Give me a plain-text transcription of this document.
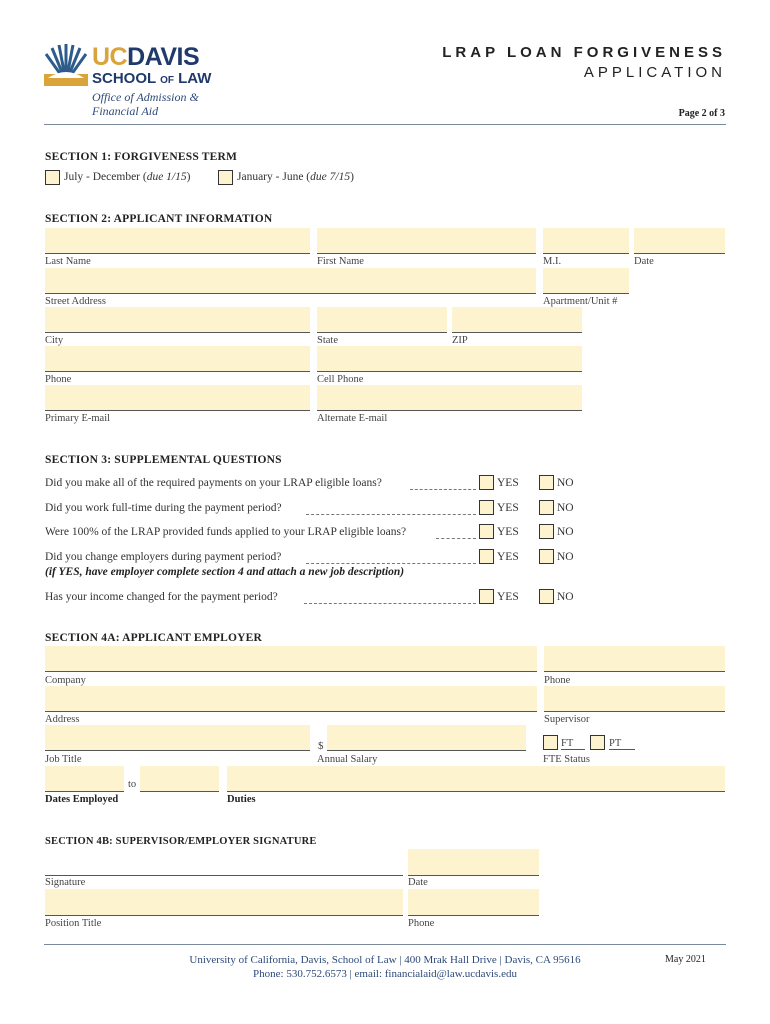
UCDAVIS
SCHOOL OF LAW
Office of Admission &
Financial Aid
LRAP LOAN FORGIVENESS
APPLICATION
Page 2 of 3
SECTION 1: FORGIVENESS TERM
July - December (due 1/15)	January - June (due 7/15)
SECTION 2: APPLICANT INFORMATION
Last Name	First Name	M.I.	Date
Street Address	Apartment/Unit #
City	State	ZIP
Phone	Cell Phone
Primary E-mail	Alternate E-mail
SECTION 3: SUPPLEMENTAL QUESTIONS
Did you make all of the required payments on your LRAP eligible loans?	YES	NO
Did you work full-time during the payment period?	YES	NO
Were 100% of the LRAP provided funds applied to your LRAP eligible loans?	YES	NO
Did you change employers during payment period?
(if YES, have employer complete section 4 and attach a new job description)
YES	NO
Has your income changed for the payment period?	YES	NO
SECTION 4A: APPLICANT EMPLOYER
Company	Phone
Address	Supervisor
$	FT	PT
Job Title	Annual Salary	FTE Status
to
Dates Employed	Duties
SECTION 4B: SUPERVISOR/EMPLOYER SIGNATURE
Signature	Date
Position Title	Phone
University of California, Davis, School of Law | 400 Mrak Hall Drive | Davis, CA 95616
Phone: 530.752.6573 | email: financialaid@law.ucdavis.edu
May 2021
